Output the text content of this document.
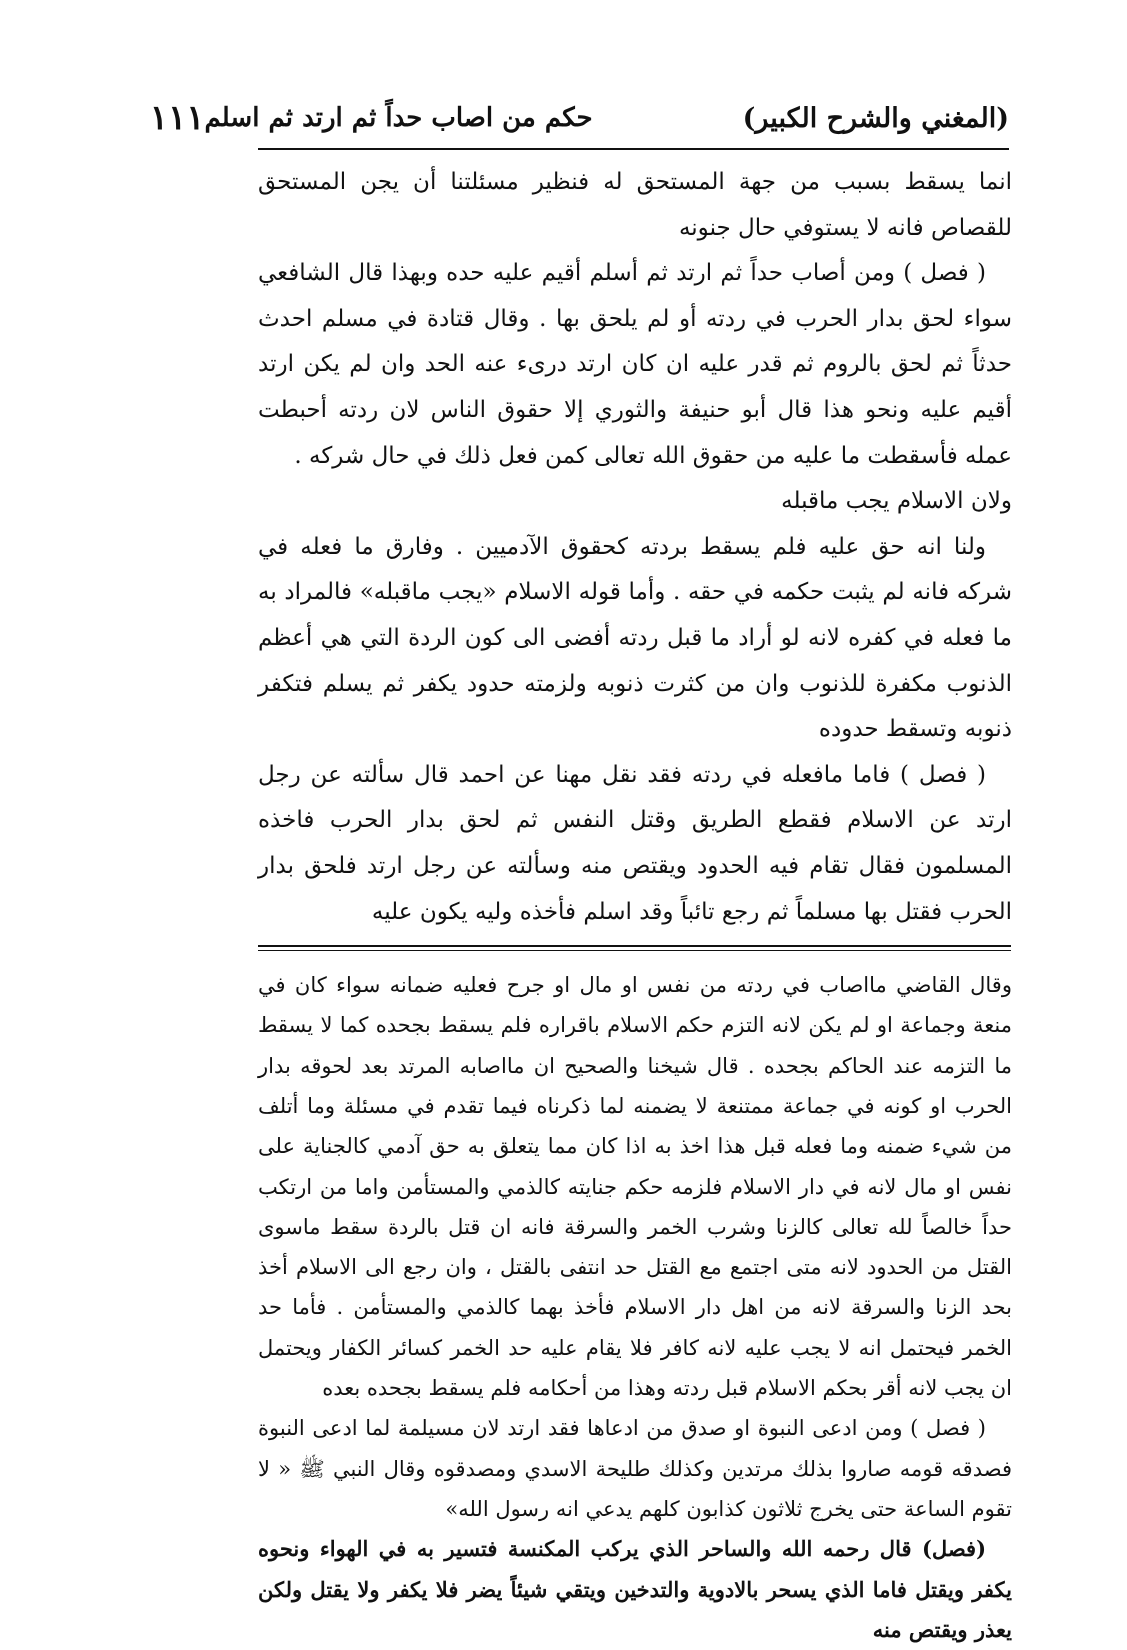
(المغني والشرح الكبير)
حكم من اصاب حداً ثم ارتد ثم اسلم
١١١

انما يسقط بسبب من جهة المستحق له فنظير مسئلتنا أن يجن المستحق للقصاص فانه لا يستوفي حال جنونه

( فصل ) ومن أصاب حداً ثم ارتد ثم أسلم أقيم عليه حده وبهذا قال الشافعي سواء لحق بدار الحرب في ردته أو لم يلحق بها . وقال قتادة في مسلم احدث حدثاً ثم لحق بالروم ثم قدر عليه ان كان ارتد درىء عنه الحد وان لم يكن ارتد أقيم عليه ونحو هذا قال أبو حنيفة والثوري إلا حقوق الناس لان ردته أحبطت عمله فأسقطت ما عليه من حقوق الله تعالى كمن فعل ذلك في حال شركه .

ولان الاسلام يجب ماقبله

ولنا انه حق عليه فلم يسقط بردته كحقوق الآدميين . وفارق ما فعله في شركه فانه لم يثبت حكمه في حقه . وأما قوله الاسلام «يجب ماقبله» فالمراد به ما فعله في كفره لانه لو أراد ما قبل ردته أفضى الى كون الردة التي هي أعظم الذنوب مكفرة للذنوب وان من كثرت ذنوبه ولزمته حدود يكفر ثم يسلم فتكفر ذنوبه وتسقط حدوده

( فصل ) فاما مافعله في ردته فقد نقل مهنا عن احمد قال سألته عن رجل ارتد عن الاسلام فقطع الطريق وقتل النفس ثم لحق بدار الحرب فاخذه المسلمون فقال تقام فيه الحدود ويقتص منه وسألته عن رجل ارتد فلحق بدار الحرب فقتل بها مسلماً ثم رجع تائباً وقد اسلم فأخذه وليه يكون عليه

وقال القاضي مااصاب في ردته من نفس او مال او جرح فعليه ضمانه سواء كان في منعة وجماعة او لم يكن لانه التزم حكم الاسلام باقراره فلم يسقط بجحده كما لا يسقط ما التزمه عند الحاكم بجحده . قال شيخنا والصحيح ان مااصابه المرتد بعد لحوقه بدار الحرب او كونه في جماعة ممتنعة لا يضمنه لما ذكرناه فيما تقدم في مسئلة وما أتلف من شيء ضمنه وما فعله قبل هذا اخذ به اذا كان مما يتعلق به حق آدمي كالجناية على نفس او مال لانه في دار الاسلام فلزمه حكم جنايته كالذمي والمستأمن واما من ارتكب حداً خالصاً لله تعالى كالزنا وشرب الخمر والسرقة فانه ان قتل بالردة سقط ماسوى القتل من الحدود لانه متى اجتمع مع القتل حد انتفى بالقتل ، وان رجع الى الاسلام أخذ بحد الزنا والسرقة لانه من اهل دار الاسلام فأخذ بهما كالذمي والمستأمن . فأما حد الخمر فيحتمل انه لا يجب عليه لانه كافر فلا يقام عليه حد الخمر كسائر الكفار ويحتمل ان يجب لانه أقر بحكم الاسلام قبل ردته وهذا من أحكامه فلم يسقط بجحده بعده

( فصل ) ومن ادعى النبوة او صدق من ادعاها فقد ارتد لان مسيلمة لما ادعى النبوة فصدقه قومه صاروا بذلك مرتدين وكذلك طليحة الاسدي ومصدقوه وقال النبي ﷺ « لا تقوم الساعة حتى يخرج ثلاثون كذابون كلهم يدعي انه رسول الله»

(فصل) قال رحمه الله والساحر الذي يركب المكنسة فتسير به في الهواء ونحوه يكفر ويقتل فاما الذي يسحر بالادوية والتدخين ويتقي شيئاً يضر فلا يكفر ولا يقتل ولكن يعذر ويقتص منه
